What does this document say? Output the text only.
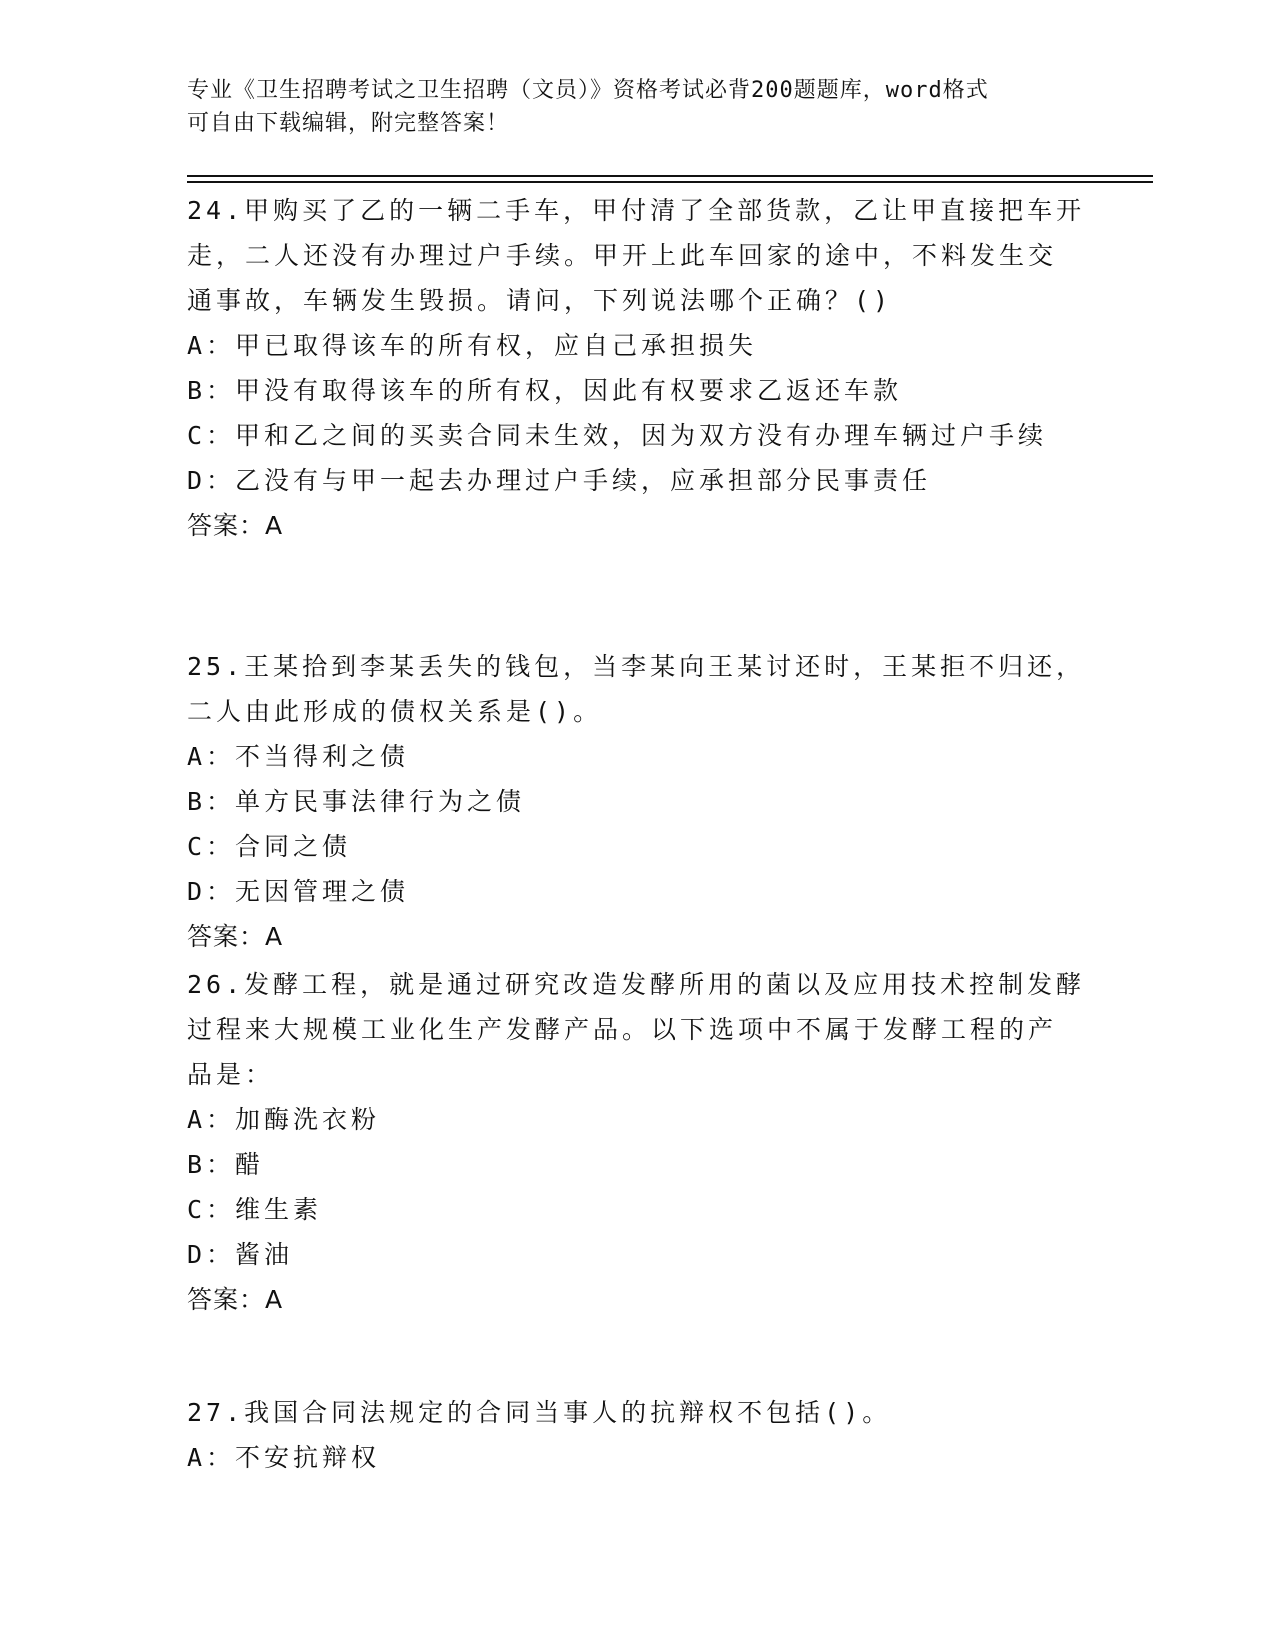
专业《卫生招聘考试之卫生招聘（文员）》资格考试必背200题题库，word格式
可自由下载编辑，附完整答案！
24.甲购买了乙的一辆二手车，甲付清了全部货款，乙让甲直接把车开
走，二人还没有办理过户手续。甲开上此车回家的途中，不料发生交
通事故，车辆发生毁损。请问，下列说法哪个正确？()
A：甲已取得该车的所有权，应自己承担损失
B：甲没有取得该车的所有权，因此有权要求乙返还车款
C：甲和乙之间的买卖合同未生效，因为双方没有办理车辆过户手续
D：乙没有与甲一起去办理过户手续，应承担部分民事责任
答案：A
25.王某拾到李某丢失的钱包，当李某向王某讨还时，王某拒不归还，
二人由此形成的债权关系是()。
A：不当得利之债
B：单方民事法律行为之债
C：合同之债
D：无因管理之债
答案：A
26.发酵工程，就是通过研究改造发酵所用的菌以及应用技术控制发酵
过程来大规模工业化生产发酵产品。以下选项中不属于发酵工程的产
品是：
A：加酶洗衣粉
B：醋
C：维生素
D：酱油
答案：A
27.我国合同法规定的合同当事人的抗辩权不包括()。
A：不安抗辩权
